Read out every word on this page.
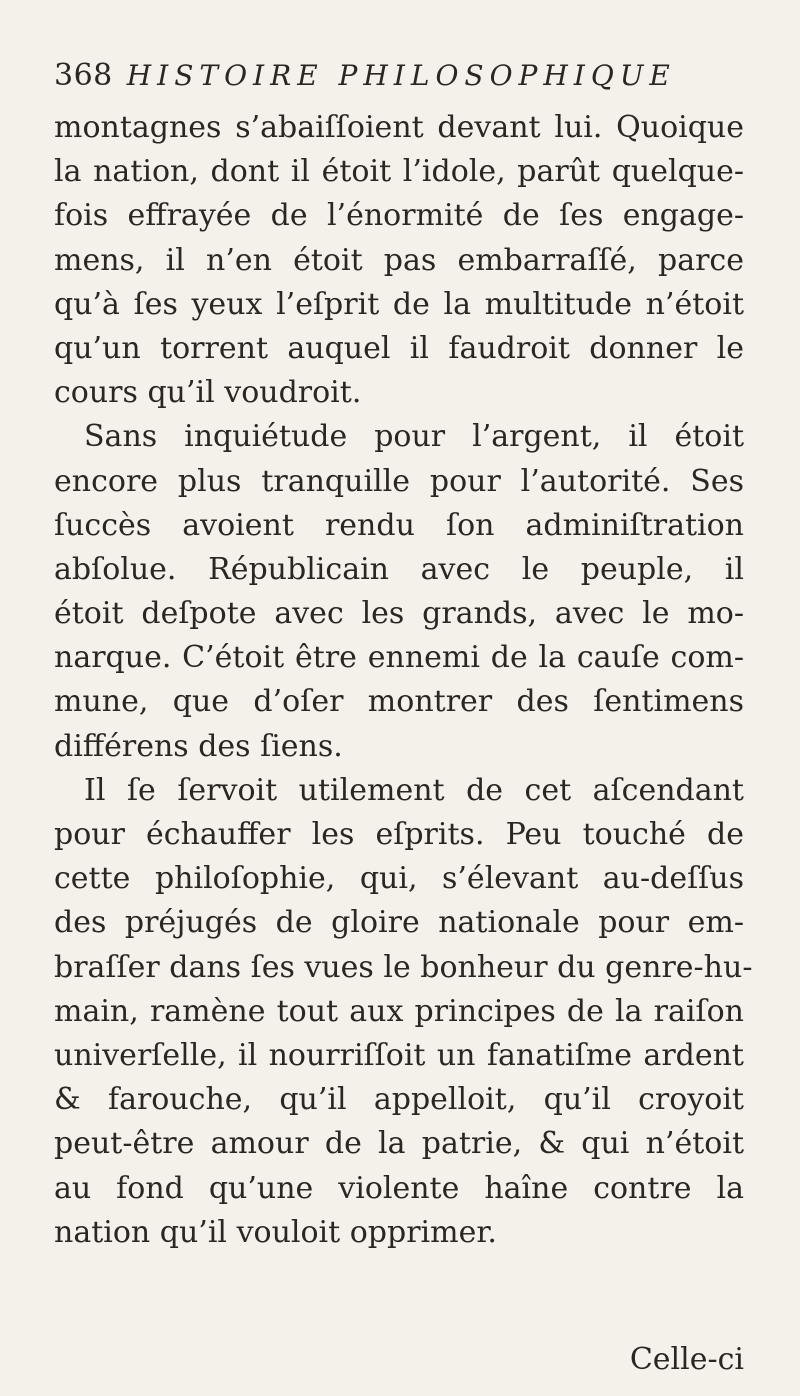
368 HISTOIRE PHILOSOPHIQUE
montagnes s’abaiſſoient devant lui. Quoique
la nation, dont il étoit l’idole, parût quelque-
fois effrayée de l’énormité de ſes engage-
mens, il n’en étoit pas embarraſſé, parce
qu’à ſes yeux l’eſprit de la multitude n’étoit
qu’un torrent auquel il faudroit donner le
cours qu’il voudroit.
Sans inquiétude pour l’argent, il étoit
encore plus tranquille pour l’autorité. Ses
ſuccès avoient rendu ſon adminiſtration
abſolue. Républicain avec le peuple, il
étoit deſpote avec les grands, avec le mo-
narque. C’étoit être ennemi de la cauſe com-
mune, que d’oſer montrer des ſentimens
différens des ſiens.
Il ſe ſervoit utilement de cet aſcendant
pour échauffer les eſprits. Peu touché de
cette philoſophie, qui, s’élevant au-deſſus
des préjugés de gloire nationale pour em-
braſſer dans ſes vues le bonheur du genre-hu-
main, ramène tout aux principes de la raiſon
univerſelle, il nourriſſoit un fanatiſme ardent
& farouche, qu’il appelloit, qu’il croyoit
peut-être amour de la patrie, & qui n’étoit
au fond qu’une violente haîne contre la
nation qu’il vouloit opprimer.
Celle-ci
